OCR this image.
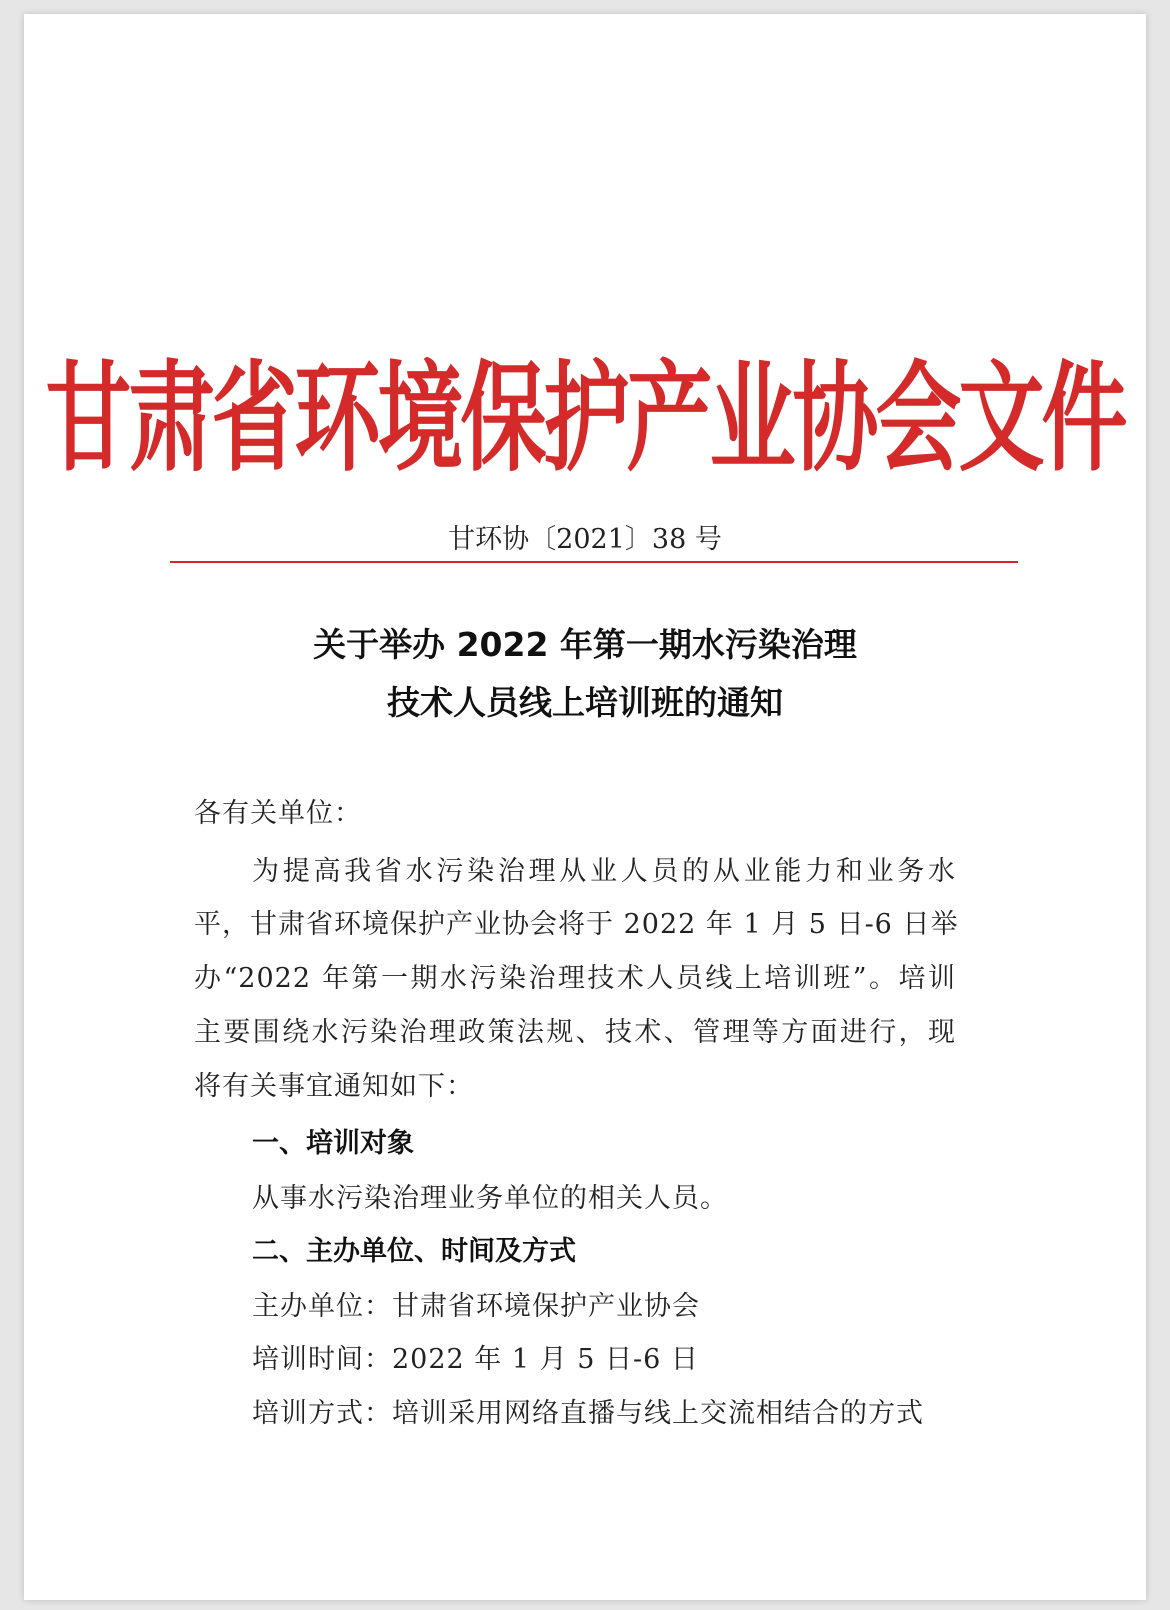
甘肃省环境保护产业协会文件
甘环协〔2021〕38 号
关于举办 2022 年第一期水污染治理
技术人员线上培训班的通知
各有关单位：
为提高我省水污染治理从业人员的从业能力和业务水
平，甘肃省环境保护产业协会将于 2022 年 1 月 5 日-6 日举
办“2022 年第一期水污染治理技术人员线上培训班”。培训
主要围绕水污染治理政策法规、技术、管理等方面进行，现
将有关事宜通知如下：
一、培训对象
从事水污染治理业务单位的相关人员。
二、主办单位、时间及方式
主办单位：甘肃省环境保护产业协会
培训时间：2022 年 1 月 5 日-6 日
培训方式：培训采用网络直播与线上交流相结合的方式
